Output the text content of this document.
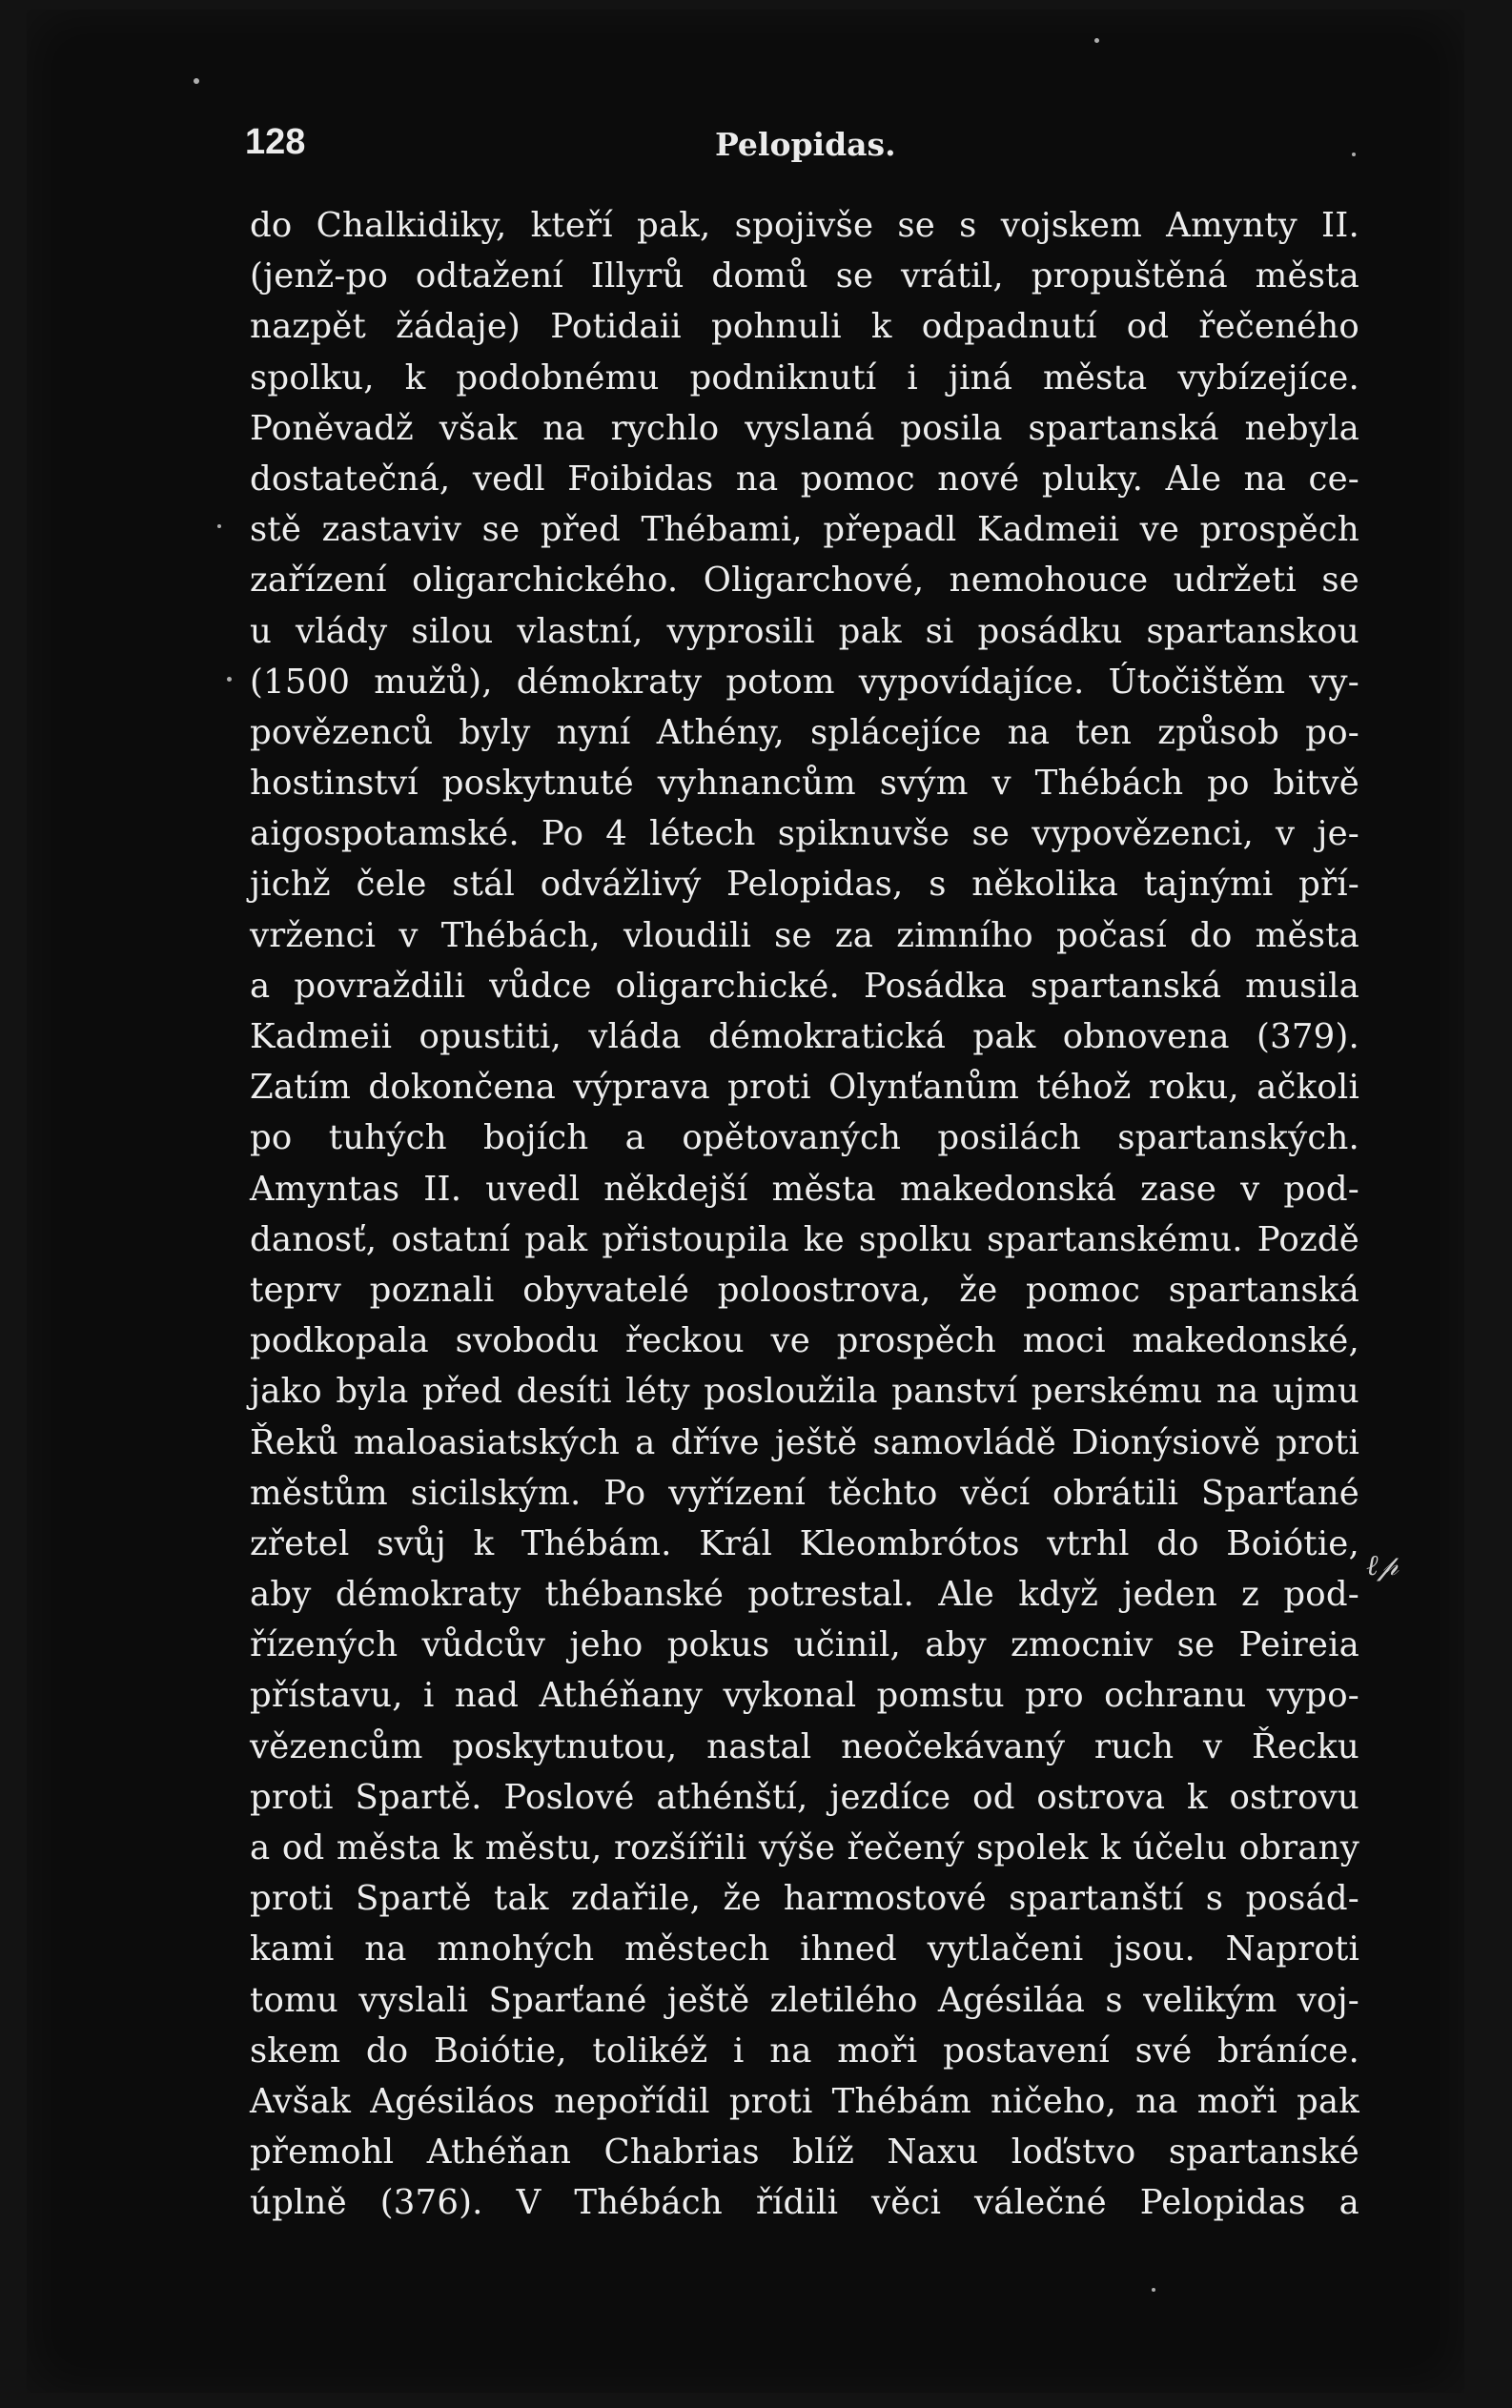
ℓ𝓅
128	Pelopidas.
do Chalkidiky, kteří pak, spojivše se s vojskem Amynty II.
(jenž-po odtažení Illyrů domů se vrátil, propuštěná města
nazpět žádaje) Potidaii pohnuli k odpadnutí od řečeného
spolku, k podobnému podniknutí i jiná města vybízejíce.
Poněvadž však na rychlo vyslaná posila spartanská nebyla
dostatečná, vedl Foibidas na pomoc nové pluky. Ale na ce-
stě zastaviv se před Thébami, přepadl Kadmeii ve prospěch
zařízení oligarchického. Oligarchové, nemohouce udržeti se
u vlády silou vlastní, vyprosili pak si posádku spartanskou
(1500 mužů), démokraty potom vypovídajíce. Útočištěm vy-
povězenců byly nyní Athény, splácejíce na ten způsob po-
hostinství poskytnuté vyhnancům svým v Thébách po bitvě
aigospotamské. Po 4 létech spiknuvše se vypovězenci, v je-
jichž čele stál odvážlivý Pelopidas, s několika tajnými pří-
vrženci v Thébách, vloudili se za zimního počasí do města
a povraždili vůdce oligarchické. Posádka spartanská musila
Kadmeii opustiti, vláda démokratická pak obnovena (379).
Zatím dokončena výprava proti Olynťanům téhož roku, ačkoli
po tuhých bojích a opětovaných posilách spartanských.
Amyntas II. uvedl někdejší města makedonská zase v pod-
danosť, ostatní pak přistoupila ke spolku spartanskému. Pozdě
teprv poznali obyvatelé poloostrova, že pomoc spartanská
podkopala svobodu řeckou ve prospěch moci makedonské,
jako byla před desíti léty posloužila panství perskému na ujmu
Řeků maloasiatských a dříve ještě samovládě Dionýsiově proti
městům sicilským. Po vyřízení těchto věcí obrátili Sparťané
zřetel svůj k Thébám. Král Kleombrótos vtrhl do Boiótie,
aby démokraty thébanské potrestal. Ale když jeden z pod-
řízených vůdcův jeho pokus učinil, aby zmocniv se Peireia
přístavu, i nad Athéňany vykonal pomstu pro ochranu vypo-
vězencům poskytnutou, nastal neočekávaný ruch v Řecku
proti Spartě. Poslové athénští, jezdíce od ostrova k ostrovu
a od města k městu, rozšířili výše řečený spolek k účelu obrany
proti Spartě tak zdařile, že harmostové spartanští s posád-
kami na mnohých městech ihned vytlačeni jsou. Naproti
tomu vyslali Sparťané ještě zletilého Agésiláa s velikým voj-
skem do Boiótie, tolikéž i na moři postavení své bráníce.
Avšak Agésiláos nepořídil proti Thébám ničeho, na moři pak
přemohl Athéňan Chabrias blíž Naxu loďstvo spartanské
úplně (376). V Thébách řídili věci válečné Pelopidas a
